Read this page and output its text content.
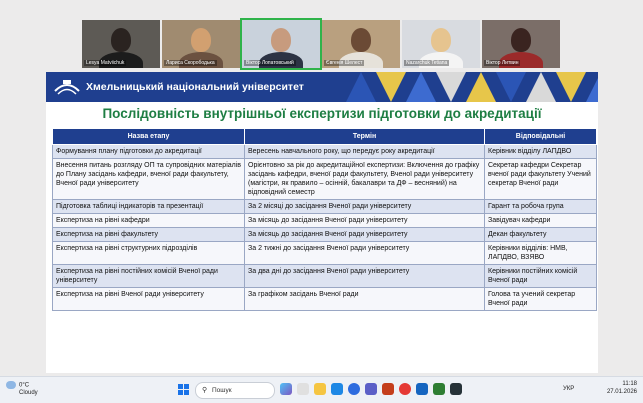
Lesya Matviichuk	Лариса Скорободька	Віктор Лопатовський	Євгенія Шелест	Nazarchuk Tetiana	Віктор Литвин
Хмельницький національний університет
Послідовність внутрішньої експертизи підготовки до акредитації
Назва етапу	Термін	Відповідальні
Формування плану підготовки до акредитації	Вересень навчального року, що передує року акредитації	Керівник відділу ЛАПДВО
Внесення питань розгляду ОП та супровідних матеріалів до Плану засідань кафедри, вченої ради факультету, Вченої ради університету	Орієнтовно за рік до акредитаційної експертизи: Включення до графіку засідань кафедри, вченої ради факультету, Вченої ради університету (магістри, як правило – осінній, бакалаври та ДФ – весняний) на відповідний семестр	Секретар кафедри Секретар вченої ради факультету Учений секретар Вченої ради
Підготовка таблиці індикаторів та презентації	За 2 місяці до засідання Вченої ради університету	Гарант та робоча група
Експертиза на рівні кафедри	За місяць до засідання Вченої ради університету	Завідувач кафедри
Експертиза на рівні факультету	За місяць до засідання Вченої ради університету	Декан факультету
Експертиза на рівні структурних підрозділів	За 2 тижні до засідання Вченої ради університету	Керівники відділів: НМВ, ЛАПДВО, ВЗЯВО
Експертиза на рівні постійних комісій Вченої ради університету	За два дні до засідання Вченої ради університету	Керівники постійних комісій Вченої ради
Експертиза на рівні Вченої ради університету	За графіком засідань Вченої ради	Голова та учений секретар Вченої ради
0°C
Cloudy	⚲ Пошук	УКР
11:18
27.01.2026
